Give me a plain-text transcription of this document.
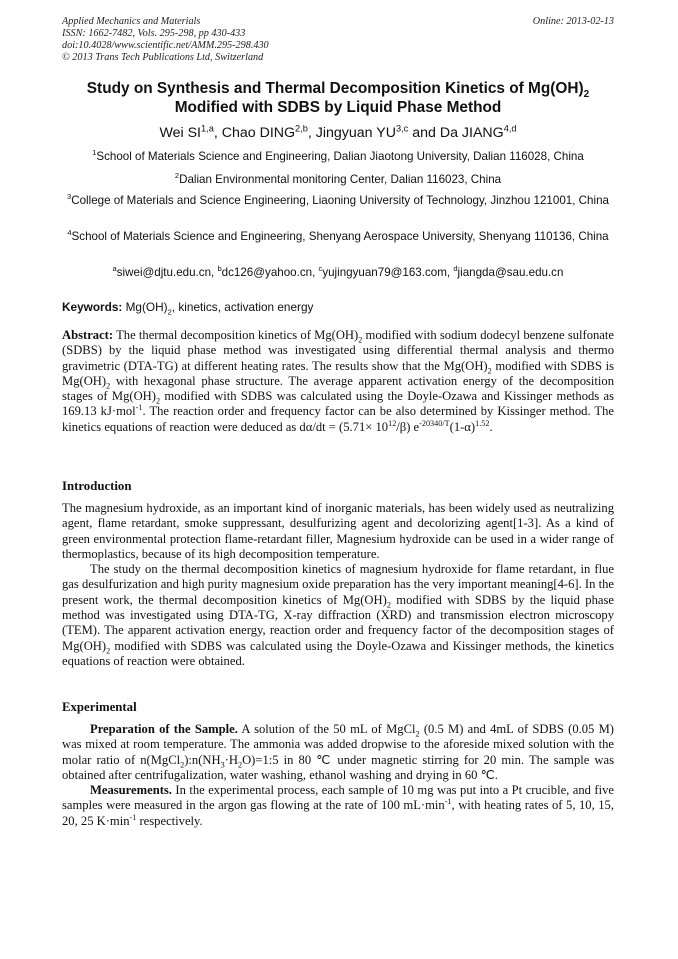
Applied Mechanics and Materials
ISSN: 1662-7482, Vols. 295-298, pp 430-433
doi:10.4028/www.scientific.net/AMM.295-298.430
© 2013 Trans Tech Publications Ltd, Switzerland
Online: 2013-02-13
Study on Synthesis and Thermal Decomposition Kinetics of $Mg(OH)_2$
Modified with SDBS by Liquid Phase Method
Wei SI$^{1,a}$, Chao DING$^{2,b}$, Jingyuan YU$^{3,c}$ and Da JIANG$^{4,d}$
$^1$School of Materials Science and Engineering, Dalian Jiaotong University, Dalian 116028, China
$^2$Dalian Environmental monitoring Center, Dalian 116023, China
$^3$College of Materials and Science Engineering, Liaoning University of Technology, Jinzhou 121001, China
$^4$School of Materials Science and Engineering, Shenyang Aerospace University, Shenyang 110136, China
$^a$siwei@djtu.edu.cn, $^b$dc126@yahoo.cn, $^c$yujingyuan79@163.com, $^d$jiangda@sau.edu.cn
Keywords: $Mg(OH)_2$, kinetics, activation energy

Abstract: The thermal decomposition kinetics of $Mg(OH)_2$ modified with sodium dodecyl benzene sulfonate (SDBS) by the liquid phase method was investigated using differential thermal analysis and thermo gravimetric (DTA-TG) at different heating rates. The results show that the $Mg(OH)_2$ modified with SDBS is $Mg(OH)_2$ with hexagonal phase structure. The average apparent activation energy of the decomposition stages of $Mg(OH)_2$ modified with SDBS was calculated using the Doyle-Ozawa and Kissinger methods as 169.13 kJ·mol$^{-1}$. The reaction order and frequency factor can be also determined by Kissinger method. The kinetics equations of reaction were deduced as $d\alpha/dt = (5.71\times 10^{12}/\beta)$ $e^{-20340/T}(1-\alpha)^{1.52}$.

Introduction

The magnesium hydroxide, as an important kind of inorganic materials, has been widely used as neutralizing agent, flame retardant, smoke suppressant, desulfurizing agent and decolorizing agent[1-3]. As a kind of green environmental protection flame-retardant filler, Magnesium hydroxide can be used in a wider range of thermoplastics, because of its high decomposition temperature.

The study on the thermal decomposition kinetics of magnesium hydroxide for flame retardant, in flue gas desulfurization and high purity magnesium oxide preparation has the very important meaning[4-6]. In the present work, the thermal decomposition kinetics of $Mg(OH)_2$ modified with SDBS by the liquid phase method was investigated using DTA-TG, X-ray diffraction (XRD) and transmission electron microscopy (TEM). The apparent activation energy, reaction order and frequency factor of the decomposition stages of $Mg(OH)_2$ modified with SDBS was calculated using the Doyle-Ozawa and Kissinger methods, the kinetics equations of reaction were obtained.

Experimental

Preparation of the Sample. A solution of the 50 mL of MgCl$_2$ (0.5 M) and 4mL of SDBS (0.05 M) was mixed at room temperature. The ammonia was added dropwise to the aforeside mixed solution with the molar ratio of $n(MgCl_2):n(NH_3\cdot H_2O)=1:5$ in 80 ℃ under magnetic stirring for 20 min. The sample was obtained after centrifugalization, water washing, ethanol washing and drying in 60 ℃.

Measurements. In the experimental process, each sample of 10 mg was put into a Pt crucible, and five samples were measured in the argon gas flowing at the rate of 100 $mL\cdot\min^{-1}$, with heating rates of 5, 10, 15, 20, 25 $K\cdot\min^{-1}$ respectively.
